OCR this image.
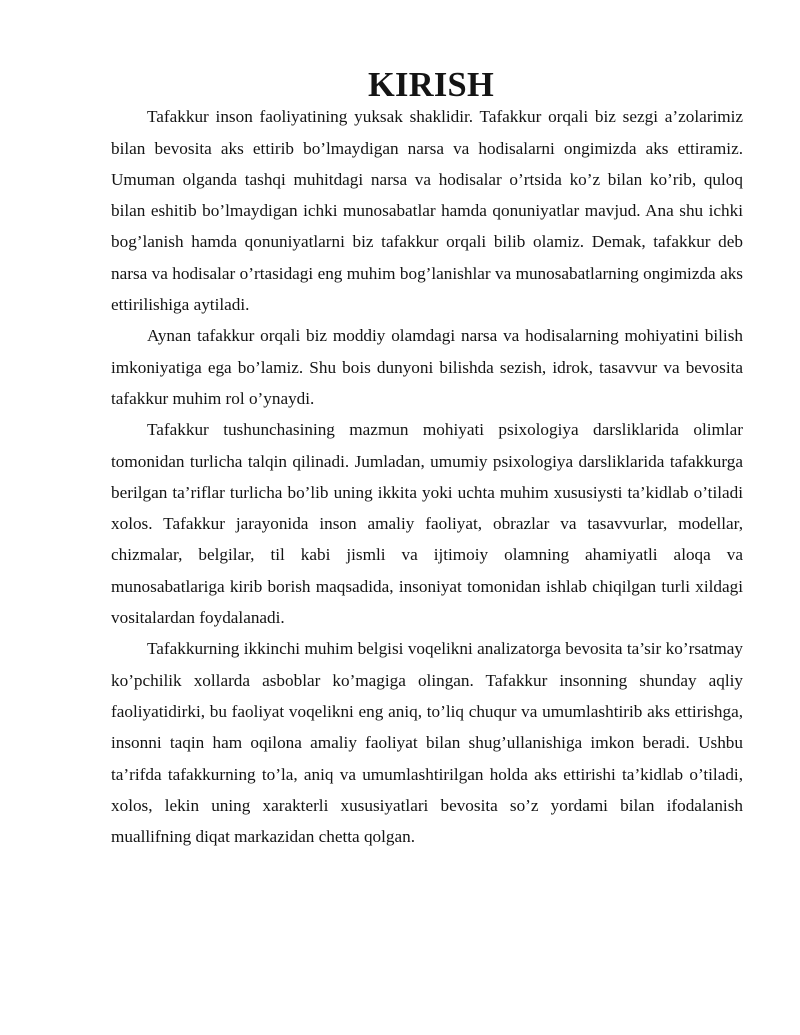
KIRISH

Tafakkur inson faoliyatining yuksak shaklidir. Tafakkur orqali biz sezgi a’zolarimiz bilan bevosita aks ettirib bo’lmaydigan narsa va hodisalarni ongimizda aks ettiramiz. Umuman olganda tashqi muhitdagi narsa va hodisalar o’rtsida ko’z bilan ko’rib, quloq bilan eshitib bo’lmaydigan ichki munosabatlar hamda qonuniyatlar mavjud. Ana shu ichki bog’lanish hamda qonuniyatlarni biz tafakkur orqali bilib olamiz. Demak, tafakkur deb narsa va hodisalar o’rtasidagi eng muhim bog’lanishlar va munosabatlarning ongimizda aks ettirilishiga aytiladi.

Aynan tafakkur orqali biz moddiy olamdagi narsa va hodisalarning mohiyatini bilish imkoniyatiga ega bo’lamiz. Shu bois dunyoni bilishda sezish, idrok, tasavvur va bevosita tafakkur muhim rol o’ynaydi.

Tafakkur tushunchasining mazmun mohiyati psixologiya darsliklarida olimlar tomonidan turlicha talqin qilinadi. Jumladan, umumiy psixologiya darsliklarida tafakkurga berilgan ta’riflar turlicha bo’lib uning ikkita yoki uchta muhim xususiysti ta’kidlab o’tiladi xolos. Tafakkur jarayonida inson amaliy faoliyat, obrazlar va tasavvurlar, modellar, chizmalar, belgilar, til kabi jismli va ijtimoiy olamning ahamiyatli aloqa va munosabatlariga kirib borish maqsadida, insoniyat tomonidan ishlab chiqilgan turli xildagi vositalardan foydalanadi.

Tafakkurning ikkinchi muhim belgisi voqelikni analizatorga bevosita ta’sir ko’rsatmay ko’pchilik xollarda asboblar ko’magiga olingan. Tafakkur insonning shunday aqliy faoliyatidirki, bu faoliyat voqelikni eng aniq, to’liq chuqur va umumlashtirib aks ettirishga, insonni taqin ham oqilona amaliy faoliyat bilan shug’ullanishiga imkon beradi. Ushbu ta’rifda tafakkurning to’la, aniq va umumlashtirilgan holda aks ettirishi ta’kidlab o’tiladi, xolos, lekin uning xarakterli xususiyatlari bevosita so’z yordami bilan ifodalanish muallifning diqat markazidan chetta qolgan.
